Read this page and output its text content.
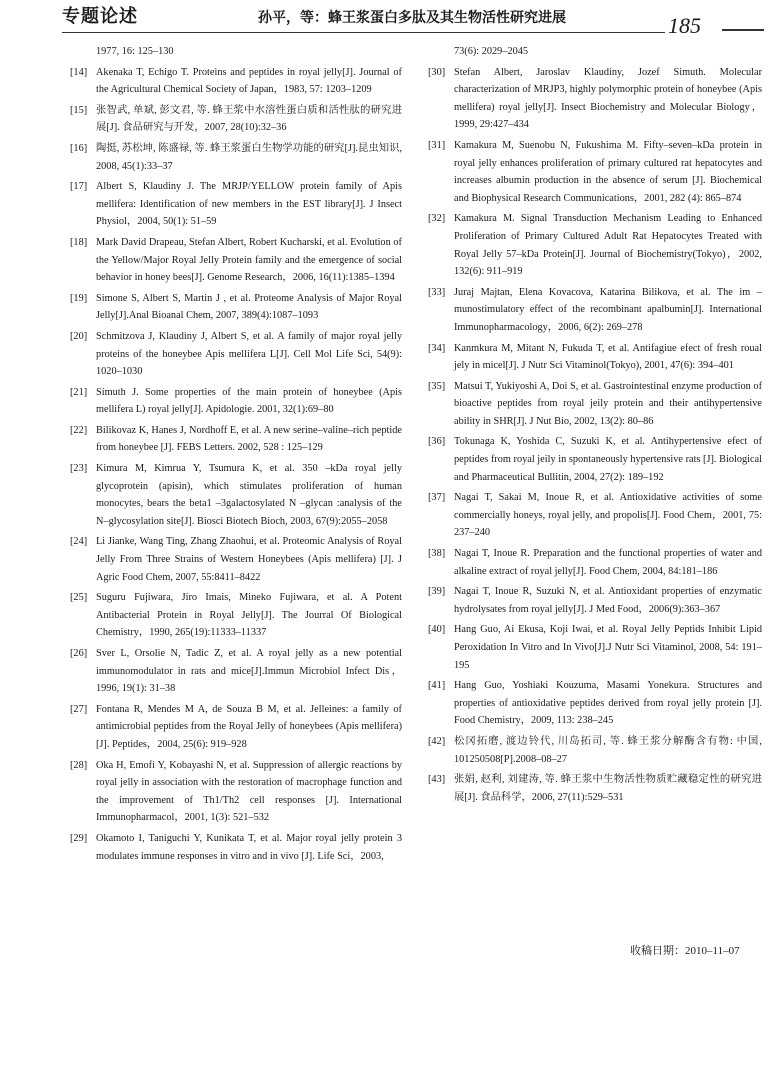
专题论述	孙平，等：蜂王浆蛋白多肽及其生物活性研究进展	185
1977, 16: 125–130
[14] Akenaka T, Echigo T. Proteins and peptides in royal jelly[J]. Journal of the Agricultural Chemical Society of Japan，1983, 57: 1203–1209
[15] 张智武, 单斌, 彭文君, 等. 蜂王浆中水溶性蛋白质和活性肽的研究进展[J]. 食品研究与开发，2007, 28(10):32–36
[16] 陶挺, 苏松坤, 陈盛禄, 等. 蜂王浆蛋白生物学功能的研究[J].昆虫知识, 2008, 45(1):33–37
[17] Albert S, Klaudiny J. The MRJP/YELLOW protein family of Apis mellifera: Identification of new members in the EST library[J]. J Insect Physiol，2004, 50(1): 51–59
[18] Mark David Drapeau, Stefan Albert, Robert Kucharski, et al. Evolution of the Yellow/Major Royal Jelly Protein family and the emergence of social behavior in honey bees[J]. Genome Research，2006, 16(11):1385–1394
[19] Simone S, Albert S, Martin J , et al. Proteome Analysis of Major Royal Jelly[J].Anal Bioanal Chem, 2007, 389(4):1087–1093
[20] Schmitzova J, Klaudiny J, Albert S, et al. A family of major royal jelly proteins of the honeybee Apis mellifera L[J]. Cell Mol Life Sci, 54(9): 1020–1030
[21] Simuth J. Some properties of the main protein of honeybee (Apis mellifera L) royal jelly[J]. Apidologie. 2001, 32(1):69–80
[22] Bilikovaz K, Hanes J, Nordhoff E, et al. A new serine–valine–rich peptide from honeybee [J]. FEBS Letters. 2002, 528 : 125–129
[23] Kimura M, Kimrua Y, Tsumura K, et al. 350 –kDa royal jelly glycoprotein (apisin), which stimulates proliferation of human monocytes, bears the beta1 –3galactosylated N –glycan :analysis of the N–glycosylation site[J]. Biosci Biotech Bioch, 2003, 67(9):2055–2058
[24] Li Jianke, Wang Ting, Zhang Zhaohui, et al. Proteomic Analysis of Royal Jelly From Three Strains of Western Honeybees (Apis mellifera) [J]. J Agric Food Chem, 2007, 55:8411–8422
[25] Suguru Fujiwara, Jiro Imais, Mineko Fujiwara, et al. A Potent Antibacterial Protein in Royal Jelly[J]. The Jourral Of Biological Chemistry，1990, 265(19):11333–11337
[26] Sver L, Orsolie N, Tadic Z, et al. A royal jelly as a new potential immunomodulator in rats and mice[J].Immun Microbiol Infect Dis，1996, 19(1): 31–38
[27] Fontana R, Mendes M A, de Souza B M, et al. Jelleines: a family of antimicrobial peptides from the Royal Jelly of honeybees (Apis mellifera) [J]. Peptides，2004, 25(6): 919–928
[28] Oka H, Emofi Y, Kobayashi N, et al. Suppression of allergic reactions by royal jelly in association with the restoration of macrophage function and the improvement of Th1/Th2 cell responses [J]. International Immunopharmacol，2001, 1(3): 521–532
[29] Okamoto I, Taniguchi Y, Kunikata T, et al. Major royal jelly protein 3 modulates immune responses in vitro and in vivo [J]. Life Sci，2003,
73(6): 2029–2045
[30] Stefan Albert, Jaroslav Klaudiny, Jozef Simuth. Molecular characterization of MRJP3, highly polymorphic protein of honeybee (Apis mellifera) royal jelly[J]. Insect Biochemistry and Molecular Biology，1999, 29:427–434
[31] Kamakura M, Suenobu N, Fukushima M. Fifty–seven–kDa protein in royal jelly enhances proliferation of primary cultured rat hepatocytes and increases albumin production in the absence of serum [J]. Biochemical and Biophysical Research Communications，2001, 282 (4): 865–874
[32] Kamakura M. Signal Transduction Mechanism Leading to Enhanced Proliferation of Primary Cultured Adult Rat Hepatocytes Treated with Royal Jelly 57–kDa Protein[J]. Journal of Biochemistry(Tokyo)，2002, 132(6): 911–919
[33] Juraj Majtan, Elena Kovacova, Katarina Bilikova, et al. The im – munostimulatory effect of the recombinant apalbumin[J]. International Immunopharmacology，2006, 6(2): 269–278
[34] Kanmkura M, Mitant N, Fukuda T, et al. Antifagiue efect of fresh roual jely in micel[J]. J Nutr Sci Vitaminol(Tokyo), 2001, 47(6): 394–401
[35] Matsui T, Yukiyoshi A, Doi S, et al. Gastrointestinal enzyme production of bioactive peptides from royal jeily protein and their antihypertensive ability in SHR[J]. J Nut Bio, 2002, 13(2): 80–86
[36] Tokunaga K, Yoshida C, Suzuki K, et al. Antihypertensive efect of peptides from royal jeily in spontaneously hypertensive rats [J]. Biological and Pharmaceutical Bullitin, 2004, 27(2): 189–192
[37] Nagai T, Sakai M, Inoue R, et al. Antioxidative activities of some commercially honeys, royal jelly, and propolis[J]. Food Chem，2001, 75: 237–240
[38] Nagai T, Inoue R. Preparation and the functional properties of water and alkaline extract of royal jelly[J]. Food Chem, 2004, 84:181–186
[39] Nagai T, Inoue R, Suzuki N, et al. Antioxidant properties of enzymatic hydrolysates from royal jelly[J]. J Med Food，2006(9):363–367
[40] Hang Guo, Ai Ekusa, Koji Iwai, et al. Royal Jelly Peptids Inhibit Lipid Peroxidation In Vitro and In Vivo[J].J Nutr Sci Vitaminol, 2008, 54: 191–195
[41] Hang Guo, Yoshiaki Kouzuma, Masami Yonekura. Structures and properties of antioxidative peptides derived from royal jelly protein [J]. Food Chemistry，2009, 113: 238–245
[42] 松冈拓磨, 渡边铃代, 川岛拓司, 等. 蜂王浆分解酶含有物: 中国, 101250508[P].2008–08–27
[43] 张娟, 赵利, 刘建涛, 等. 蜂王浆中生物活性物质贮藏稳定性的研究进展[J]. 食品科学，2006, 27(11):529–531
收稿日期：2010–11–07
